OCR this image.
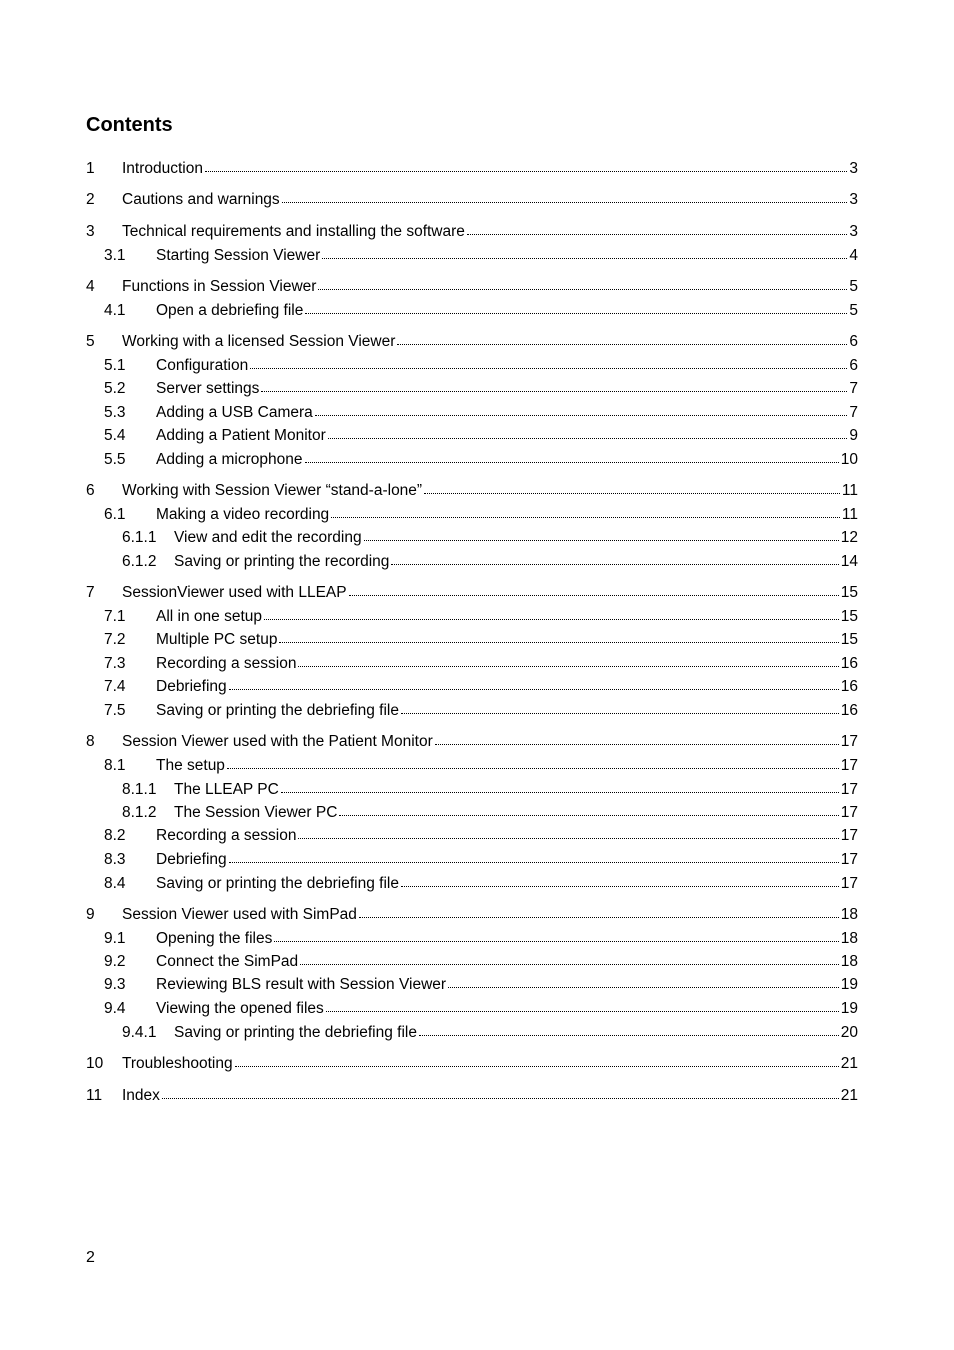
Contents
1	Introduction	3
2	Cautions and warnings	3
3	Technical requirements and installing the software	3
3.1	Starting Session Viewer	4
4	Functions in Session Viewer	5
4.1	Open a debriefing file	5
5	Working with a licensed Session Viewer	6
5.1	Configuration	6
5.2	Server settings	7
5.3	Adding a USB Camera	7
5.4	Adding a Patient Monitor	9
5.5	Adding a microphone	10
6	Working with Session Viewer “stand-a-lone”	11
6.1	Making a video recording	11
6.1.1	View and edit the recording	12
6.1.2	Saving or printing the recording	14
7	SessionViewer used with LLEAP	15
7.1	All in one setup	15
7.2	Multiple PC setup	15
7.3	Recording a session	16
7.4	Debriefing	16
7.5	Saving or printing the debriefing file	16
8	Session Viewer used with the Patient Monitor	17
8.1	The setup	17
8.1.1	The LLEAP PC	17
8.1.2	The Session Viewer PC	17
8.2	Recording a session	17
8.3	Debriefing	17
8.4	Saving or printing the debriefing file	17
9	Session Viewer used with SimPad	18
9.1	Opening the files	18
9.2	Connect the SimPad	18
9.3	Reviewing BLS result with Session Viewer	19
9.4	Viewing the opened files	19
9.4.1	Saving or printing the debriefing file	20
10	Troubleshooting	21
11	Index	21
2
